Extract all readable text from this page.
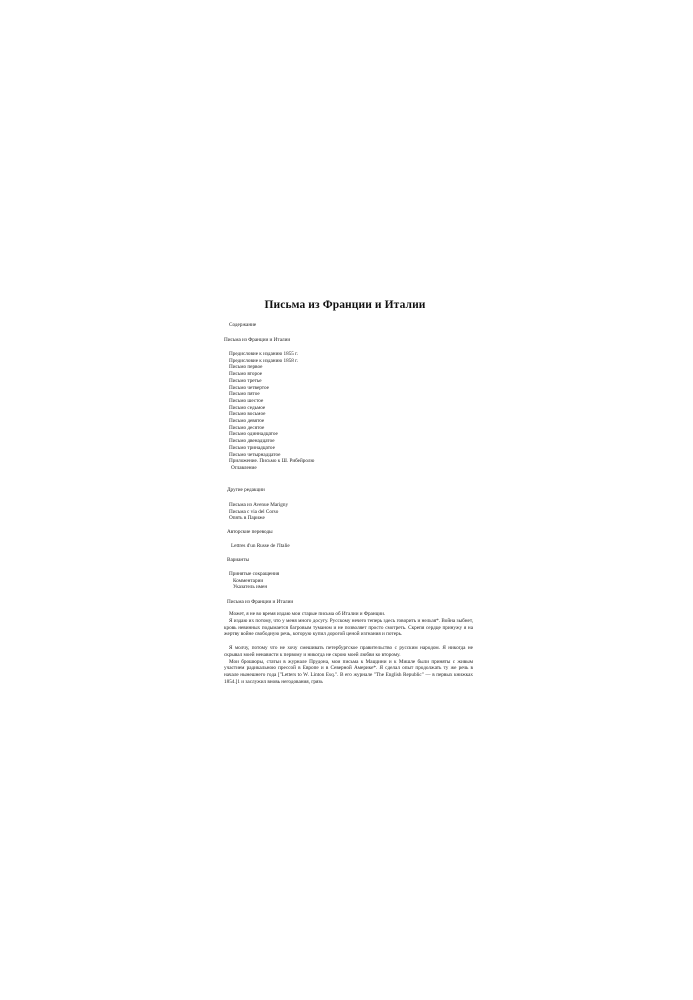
Письма из Франции и Италии

Содержание

Письма из Франции и Италии

Предисловие к изданию 1855 г.

Предисловие к изданию 1858 г.

Письмо первое

Письмо второе

Письмо третье

Письмо четвертое

Письмо пятое

Письмо шестое

Письмо седьмое

Письмо восьмое

Письмо девятое

Письмо десятое

Письмо одиннадцатое

Письмо двенадцатое

Письмо тринадцатое

Письмо четырнадцатое

Приложение. Письмо к Ш. Рибейролю

Оглавление

Другие редакции

Письма из Avenue Marigny

Письма с via del Corso

Опять в Париже

Авторские переводы

Lettres d'un Russe de l'Italie

Варианты

Принятые сокращения

Комментарии

Указатель имен

Письма из Франции и Италии

Может, я не во время издаю мои старые письма об Италии и Франции.

Я издаю их потому, что у меня много досугу. Русскому нечего теперь здесь говорить и нельзя*. Война зыбнет, кровь невинных подымается багровым туманом и не позволяет просто смотреть. Скрепя сердце принужу я на жертву войне свободную речь, которую купил дорогой ценой изгнания и потерь.

Я молчу, потому что не хочу смешивать петербургское правительство с русским народом. Я никогда не скрывал моей ненависти к первому и никогда не скрою моей любви ко второму.

Мои брошюры, статьи в журнале Прудона, мои письма к Маццини и к Мишле были приняты с живым участием радикальною прессой в Европе и в Северной Америке*. Я сделал опыт продолжать ту же речь в начале нынешнего года ["Letters to W. Linton Esq.". В его журнале "The English Republic" — в первых книжках 1854.]1 и заслужил вновь негодования, грязь
